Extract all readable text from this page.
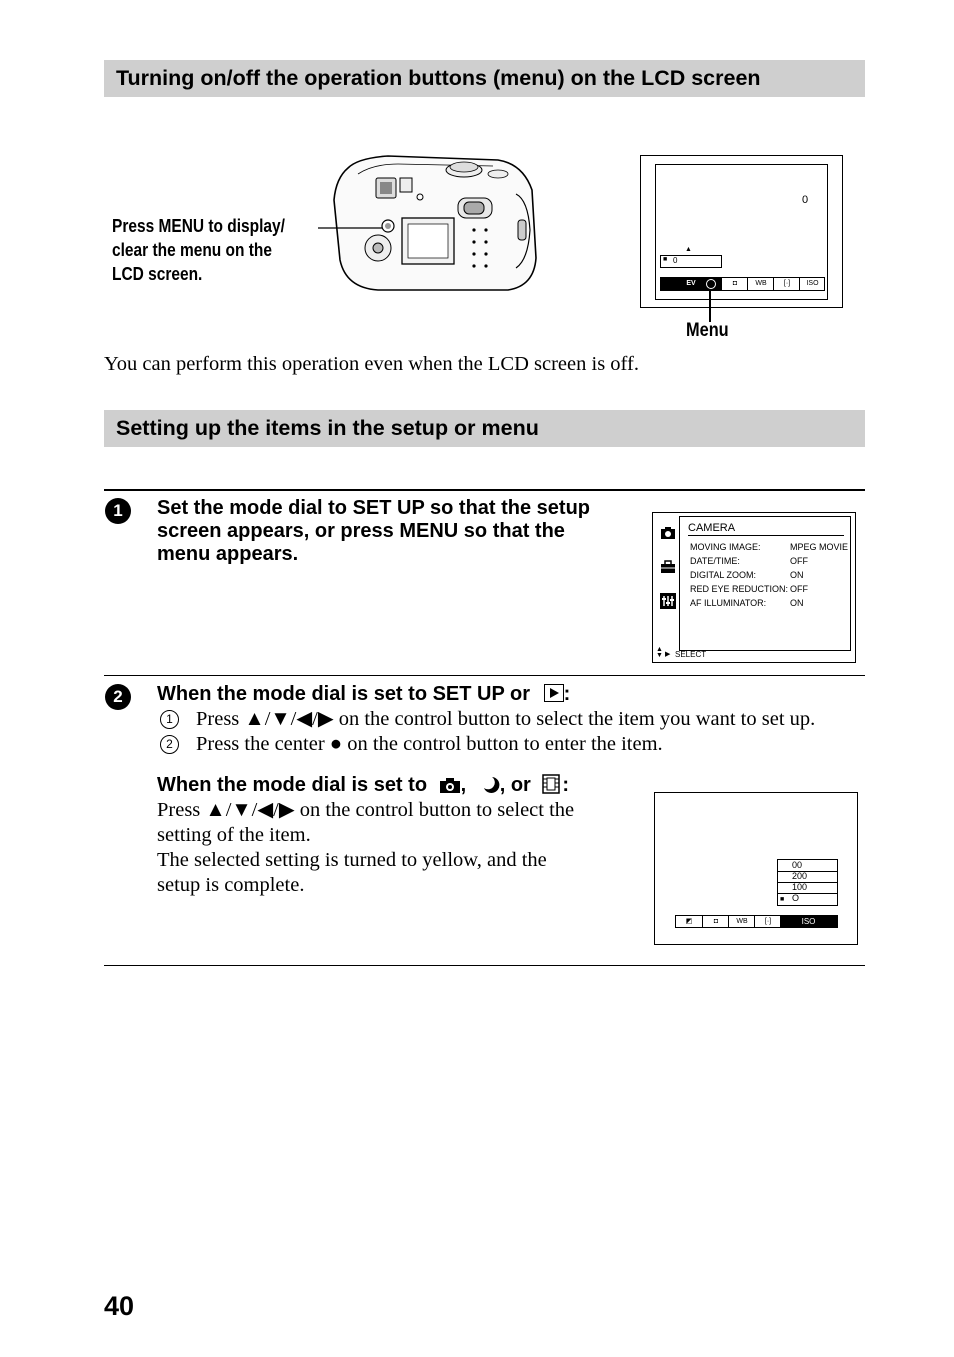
Turning on/off the operation buttons (menu) on the LCD screen
Press MENU to display/
clear the menu on the
LCD screen.
0
▲
■ 0
EV	◘	WB	[·]	ISO
Menu
You can perform this operation even when the LCD screen is off.
Setting up the items in the setup or menu
1	Set the mode dial to SET UP so that the setup screen appears, or press MENU so that the menu appears.
CAMERA
MOVING IMAGE:	MPEG MOVIE
DATE/TIME:	OFF
DIGITAL ZOOM:	ON
RED EYE REDUCTION: OFF
AF ILLUMINATOR:	ON
▲
▼ ▶ SELECT
2	When the mode dial is set to SET UP or :
1 Press ▲/▼/◀/▶ on the control button to select the item you want to set up.
2 Press the center ● on the control button to enter the item.
When the mode dial is set to , , or :
Press ▲/▼/◀/▶ on the control button to select the
setting of the item.
The selected setting is turned to yellow, and the
setup is complete.
00
200
100
■ O
◩	◘	WB	[·]	ISO
40
